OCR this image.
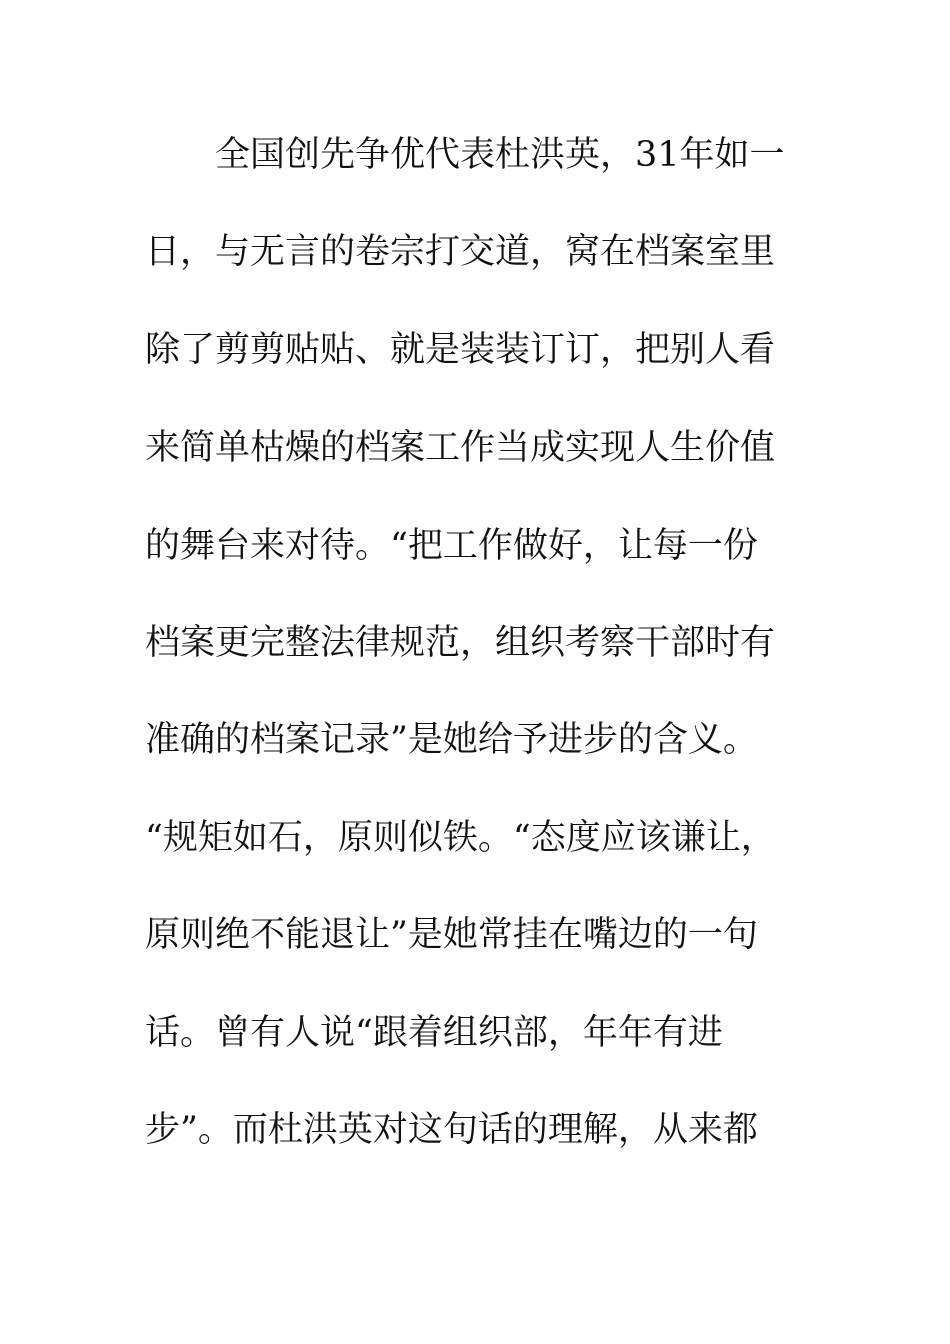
　　全国创先争优代表杜洪英，31年如一
日，与无言的卷宗打交道，窝在档案室里
除了剪剪贴贴、就是装装订订，把别人看
来简单枯燥的档案工作当成实现人生价值
的舞台来对待。“把工作做好，让每一份
档案更完整法律规范，组织考察干部时有
准确的档案记录”是她给予进步的含义。
“规矩如石，原则似铁。“态度应该谦让，
原则绝不能退让”是她常挂在嘴边的一句
话。曾有人说“跟着组织部，年年有进
步”。而杜洪英对这句话的理解，从来都
